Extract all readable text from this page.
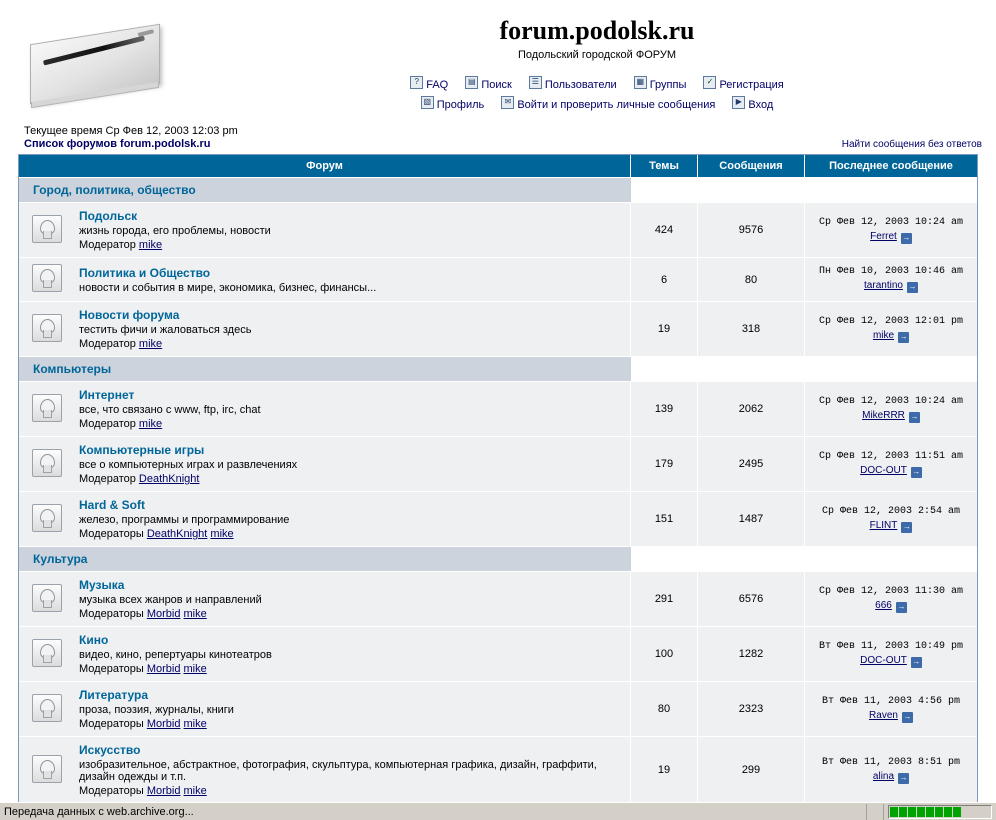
forum.podolsk.ru
Подольский городской ФОРУМ
? FAQ ▤ Поиск ☰ Пользователи ▦ Группы	✓ Регистрация
▧ Профиль	✉ Войти и проверить личные сообщения	▶ Вход
Текущее время Ср Фев 12, 2003 12:03 pm
Список форумов forum.podolsk.ru	Найти сообщения без ответов
Форум		Темы	Сообщения	Последнее сообщение
Город, политика, общество				

Подольск
жизнь города, его проблемы, новости
Модератор mike
	424	9576	
Ср Фев 12, 2003 10:24 am
Ferret →

Политика и Общество
новости и события в мире, экономика, бизнес, финансы...
	6	80	
Пн Фев 10, 2003 10:46 am
tarantino →

Новости форума
тестить фичи и жаловаться здесь
Модератор mike
	19	318	
Ср Фев 12, 2003 12:01 pm
mike →

Компьютеры				

Интернет
все, что связано с www, ftp, irc, chat
Модератор mike
	139	2062	
Ср Фев 12, 2003 10:24 am
MikeRRR →

Компьютерные игры
все о компьютерных играх и развлечениях
Модератор DeathKnight
	179	2495	
Ср Фев 12, 2003 11:51 am
DOC-OUT →

Hard & Soft
железо, программы и программирование
Модераторы DeathKnight mike
	151	1487	
Ср Фев 12, 2003 2:54 am
FLINT →

Культура				

Музыка
музыка всех жанров и направлений
Модераторы Morbid mike
	291	6576	
Ср Фев 12, 2003 11:30 am
666 →

Кино
видео, кино, репертуары кинотеатров
Модераторы Morbid mike
	100	1282	
Вт Фев 11, 2003 10:49 pm
DOC-OUT →

Литература
проза, поэзия, журналы, книги
Модераторы Morbid mike
	80	2323	
Вт Фев 11, 2003 4:56 pm
Raven →

Искусство
изобразительное, абстрактное, фотография, скульптура, компьютерная графика, дизайн, граффити, дизайн одежды и т.п.
Модераторы Morbid mike
	19	299	
Вт Фев 11, 2003 8:51 pm
alina →
Передача данных с web.archive.org...
